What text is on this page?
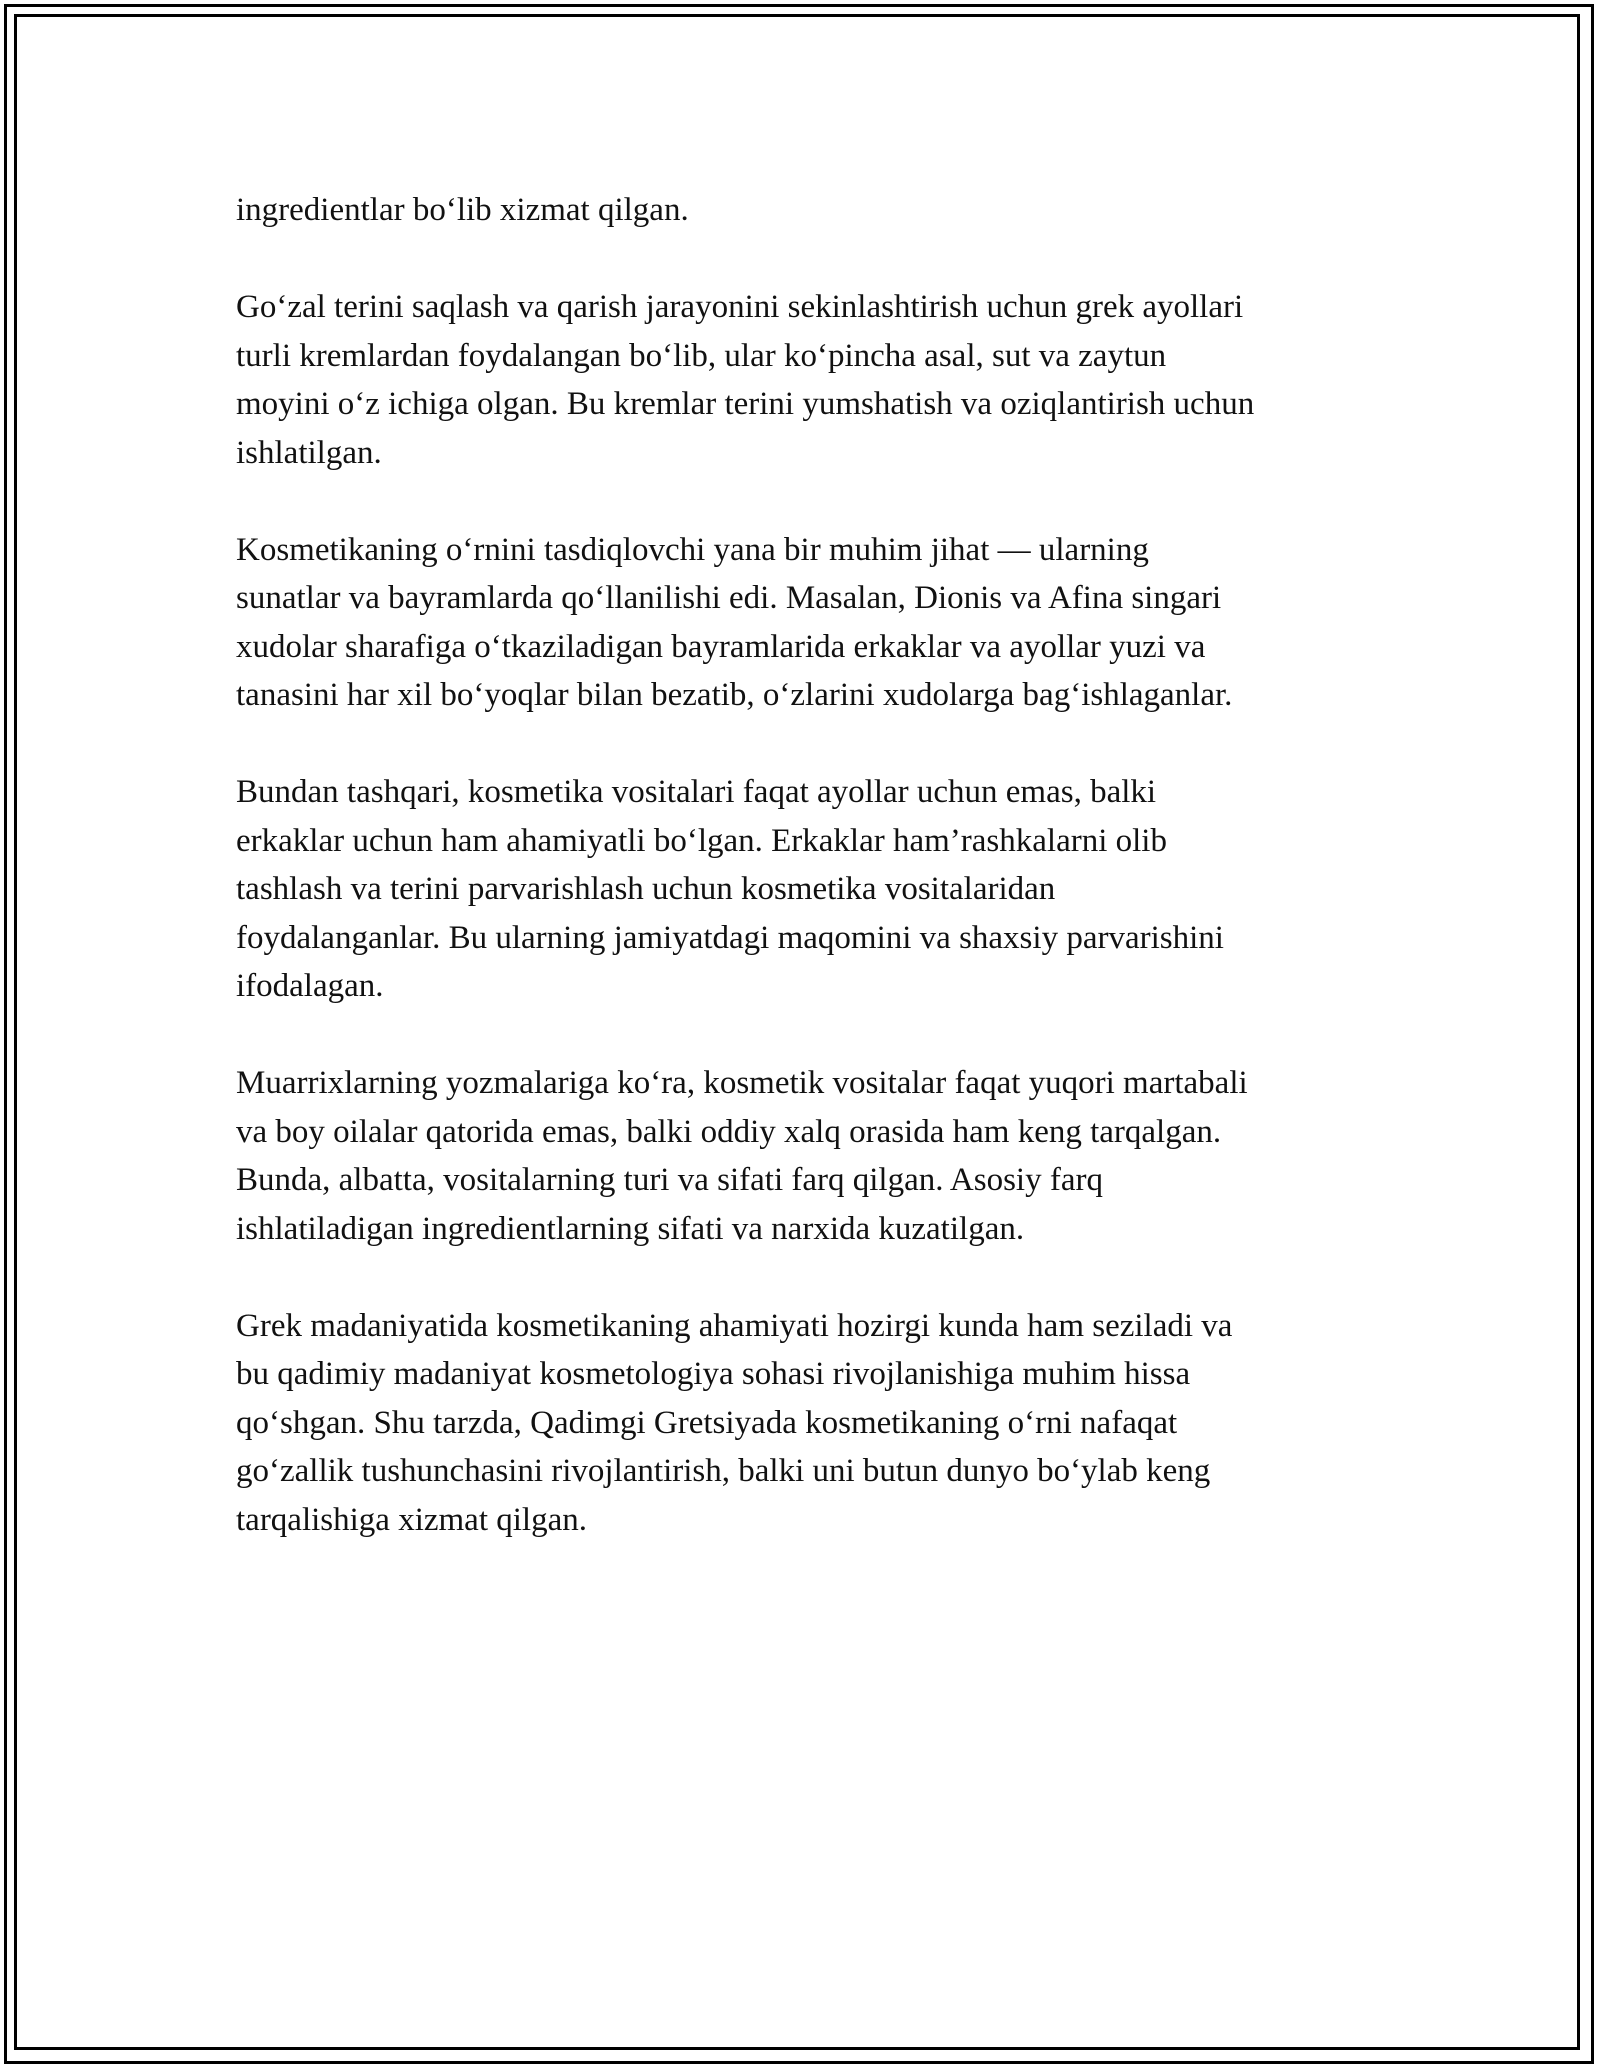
ingredientlar bo‘lib xizmat qilgan.

Go‘zal terini saqlash va qarish jarayonini sekinlashtirish uchun grek ayollari
turli kremlardan foydalangan bo‘lib, ular ko‘pincha asal, sut va zaytun
moyini o‘z ichiga olgan. Bu kremlar terini yumshatish va oziqlantirish uchun
ishlatilgan.

Kosmetikaning o‘rnini tasdiqlovchi yana bir muhim jihat — ularning
sunatlar va bayramlarda qo‘llanilishi edi. Masalan, Dionis va Afina singari
xudolar sharafiga o‘tkaziladigan bayramlarida erkaklar va ayollar yuzi va
tanasini har xil bo‘yoqlar bilan bezatib, o‘zlarini xudolarga bag‘ishlaganlar.

Bundan tashqari, kosmetika vositalari faqat ayollar uchun emas, balki
erkaklar uchun ham ahamiyatli bo‘lgan. Erkaklar ham’rashkalarni olib
tashlash va terini parvarishlash uchun kosmetika vositalaridan
foydalanganlar. Bu ularning jamiyatdagi maqomini va shaxsiy parvarishini
ifodalagan.

Muarrixlarning yozmalariga ko‘ra, kosmetik vositalar faqat yuqori martabali
va boy oilalar qatorida emas, balki oddiy xalq orasida ham keng tarqalgan.
Bunda, albatta, vositalarning turi va sifati farq qilgan. Asosiy farq
ishlatiladigan ingredientlarning sifati va narxida kuzatilgan.

Grek madaniyatida kosmetikaning ahamiyati hozirgi kunda ham seziladi va
bu qadimiy madaniyat kosmetologiya sohasi rivojlanishiga muhim hissa
qo‘shgan. Shu tarzda, Qadimgi Gretsiyada kosmetikaning o‘rni nafaqat
go‘zallik tushunchasini rivojlantirish, balki uni butun dunyo bo‘ylab keng
tarqalishiga xizmat qilgan.
